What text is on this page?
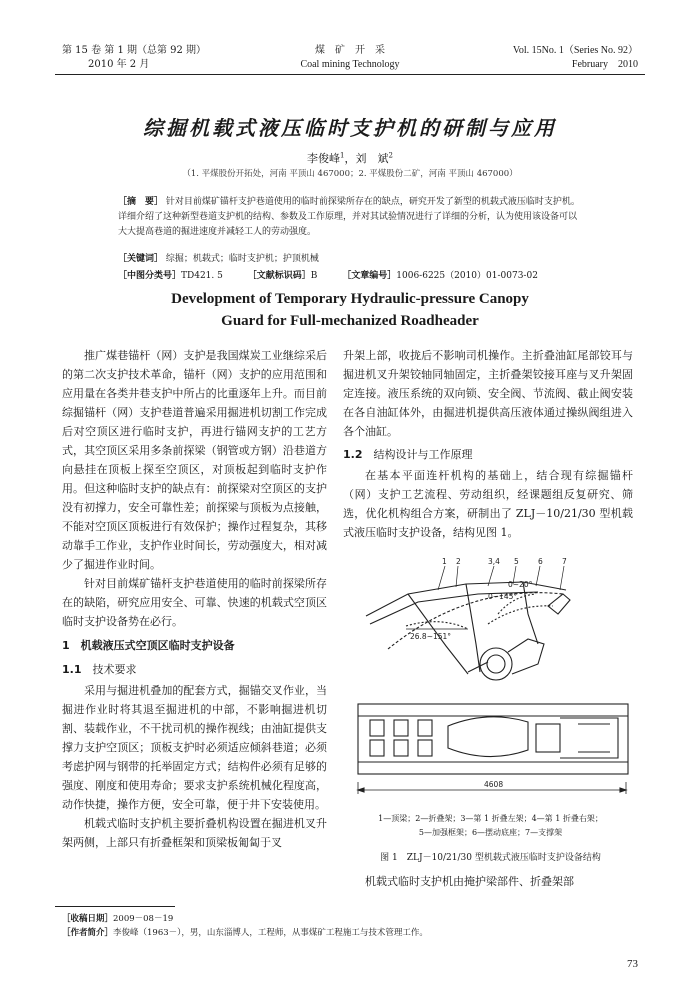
第 15 卷 第 1 期（总第 92 期）
2010 年 2 月
煤　矿　开　采
Coal mining Technology
Vol. 15No. 1（Series No. 92）
February　2010
综掘机载式液压临时支护机的研制与应用
李俊峰$^1$，刘　斌$^2$
（1. 平煤股份开拓处，河南 平顶山 467000；2. 平煤股份二矿，河南 平顶山 467000）
［摘　要］ 针对目前煤矿锚杆支护巷道使用的临时前探梁所存在的缺点，研究开发了新型的机载式液压临时支护机。详细介绍了这种新型巷道支护机的结构、参数及工作原理，并对其试验情况进行了详细的分析，认为使用该设备可以大大提高巷道的掘进速度并减轻工人的劳动强度。
［关键词］ 综掘；机载式；临时支护机；护顶机械
［中图分类号］TD421. 5	［文献标识码］B	［文章编号］1006-6225（2010）01-0073-02
Development of Temporary Hydraulic-pressure Canopy
Guard for Full-mechanized Roadheader

推广煤巷锚杆（网）支护是我国煤炭工业继综采后的第二次支护技术革命，锚杆（网）支护的应用范围和应用量在各类井巷支护中所占的比重逐年上升。而目前综掘锚杆（网）支护巷道普遍采用掘进机切割工作完成后对空顶区进行临时支护，再进行锚网支护的工艺方式，其空顶区采用多条前探梁（钢管或方钢）沿巷道方向悬挂在顶板上探至空顶区，对顶板起到临时支护作用。但这种临时支护的缺点有：前探梁对空顶区的支护没有初撑力，安全可靠性差；前探梁与顶板为点接触，不能对空顶区顶板进行有效保护；操作过程复杂，其移动靠手工作业，支护作业时间长，劳动强度大，相对减少了掘进作业时间。

针对目前煤矿锚杆支护巷道使用的临时前探梁所存在的缺陷，研究应用安全、可靠、快速的机载式空顶区临时支护设备势在必行。

1　机载液压式空顶区临时支护设备
1.1　 技术要求

采用与掘进机叠加的配套方式，掘锚交叉作业，当掘进作业时将其退至掘进机的中部，不影响掘进机切割、装载作业，不干扰司机的操作视线；由油缸提供支撑力支护空顶区；顶板支护时必须适应倾斜巷道；必须考虑护网与钢带的托举固定方式；结构件必须有足够的强度、刚度和使用寿命；要求支护系统机械化程度高，动作快捷，操作方便，安全可靠，便于井下安装使用。

机载式临时支护机主要折叠机构设置在掘进机叉升架两侧，上部只有折叠框架和顶梁板匍匐于叉

升架上部，收拢后不影响司机操作。主折叠油缸尾部铰耳与掘进机叉升架铰轴同轴固定，主折叠架铰接耳座与叉升架固定连接。液压系统的双向锁、安全阀、节流阀、截止阀安装在各自油缸体外，由掘进机提供高压液体通过操纵阀组进入各个油缸。

1.2　 结构设计与工作原理

在基本平面连杆机构的基础上，结合现有综掘锚杆（网）支护工艺流程、劳动组织，经课题组反复研究、筛选，优化机构组合方案，研制出了 ZLJ－10/21/30 型机载式液压临时支护设备，结构见图 1。

1 2	3,4 5	6	7
0~20°
0~145°
26.8~151°
4608
1—顶梁；2—折叠架；3—第 1 折叠左架；4—第 1 折叠右架；
5—加强框架；6—摆动底座；7—支撑架
图 1　ZLJ－10/21/30 型机载式液压临时支护设备结构
机载式临时支护机由掩护梁部件、折叠架部
［收稿日期］2009－08－19
［作者简介］李俊峰（1963－），男，山东淄博人，工程师，从事煤矿工程施工与技术管理工作。
73
